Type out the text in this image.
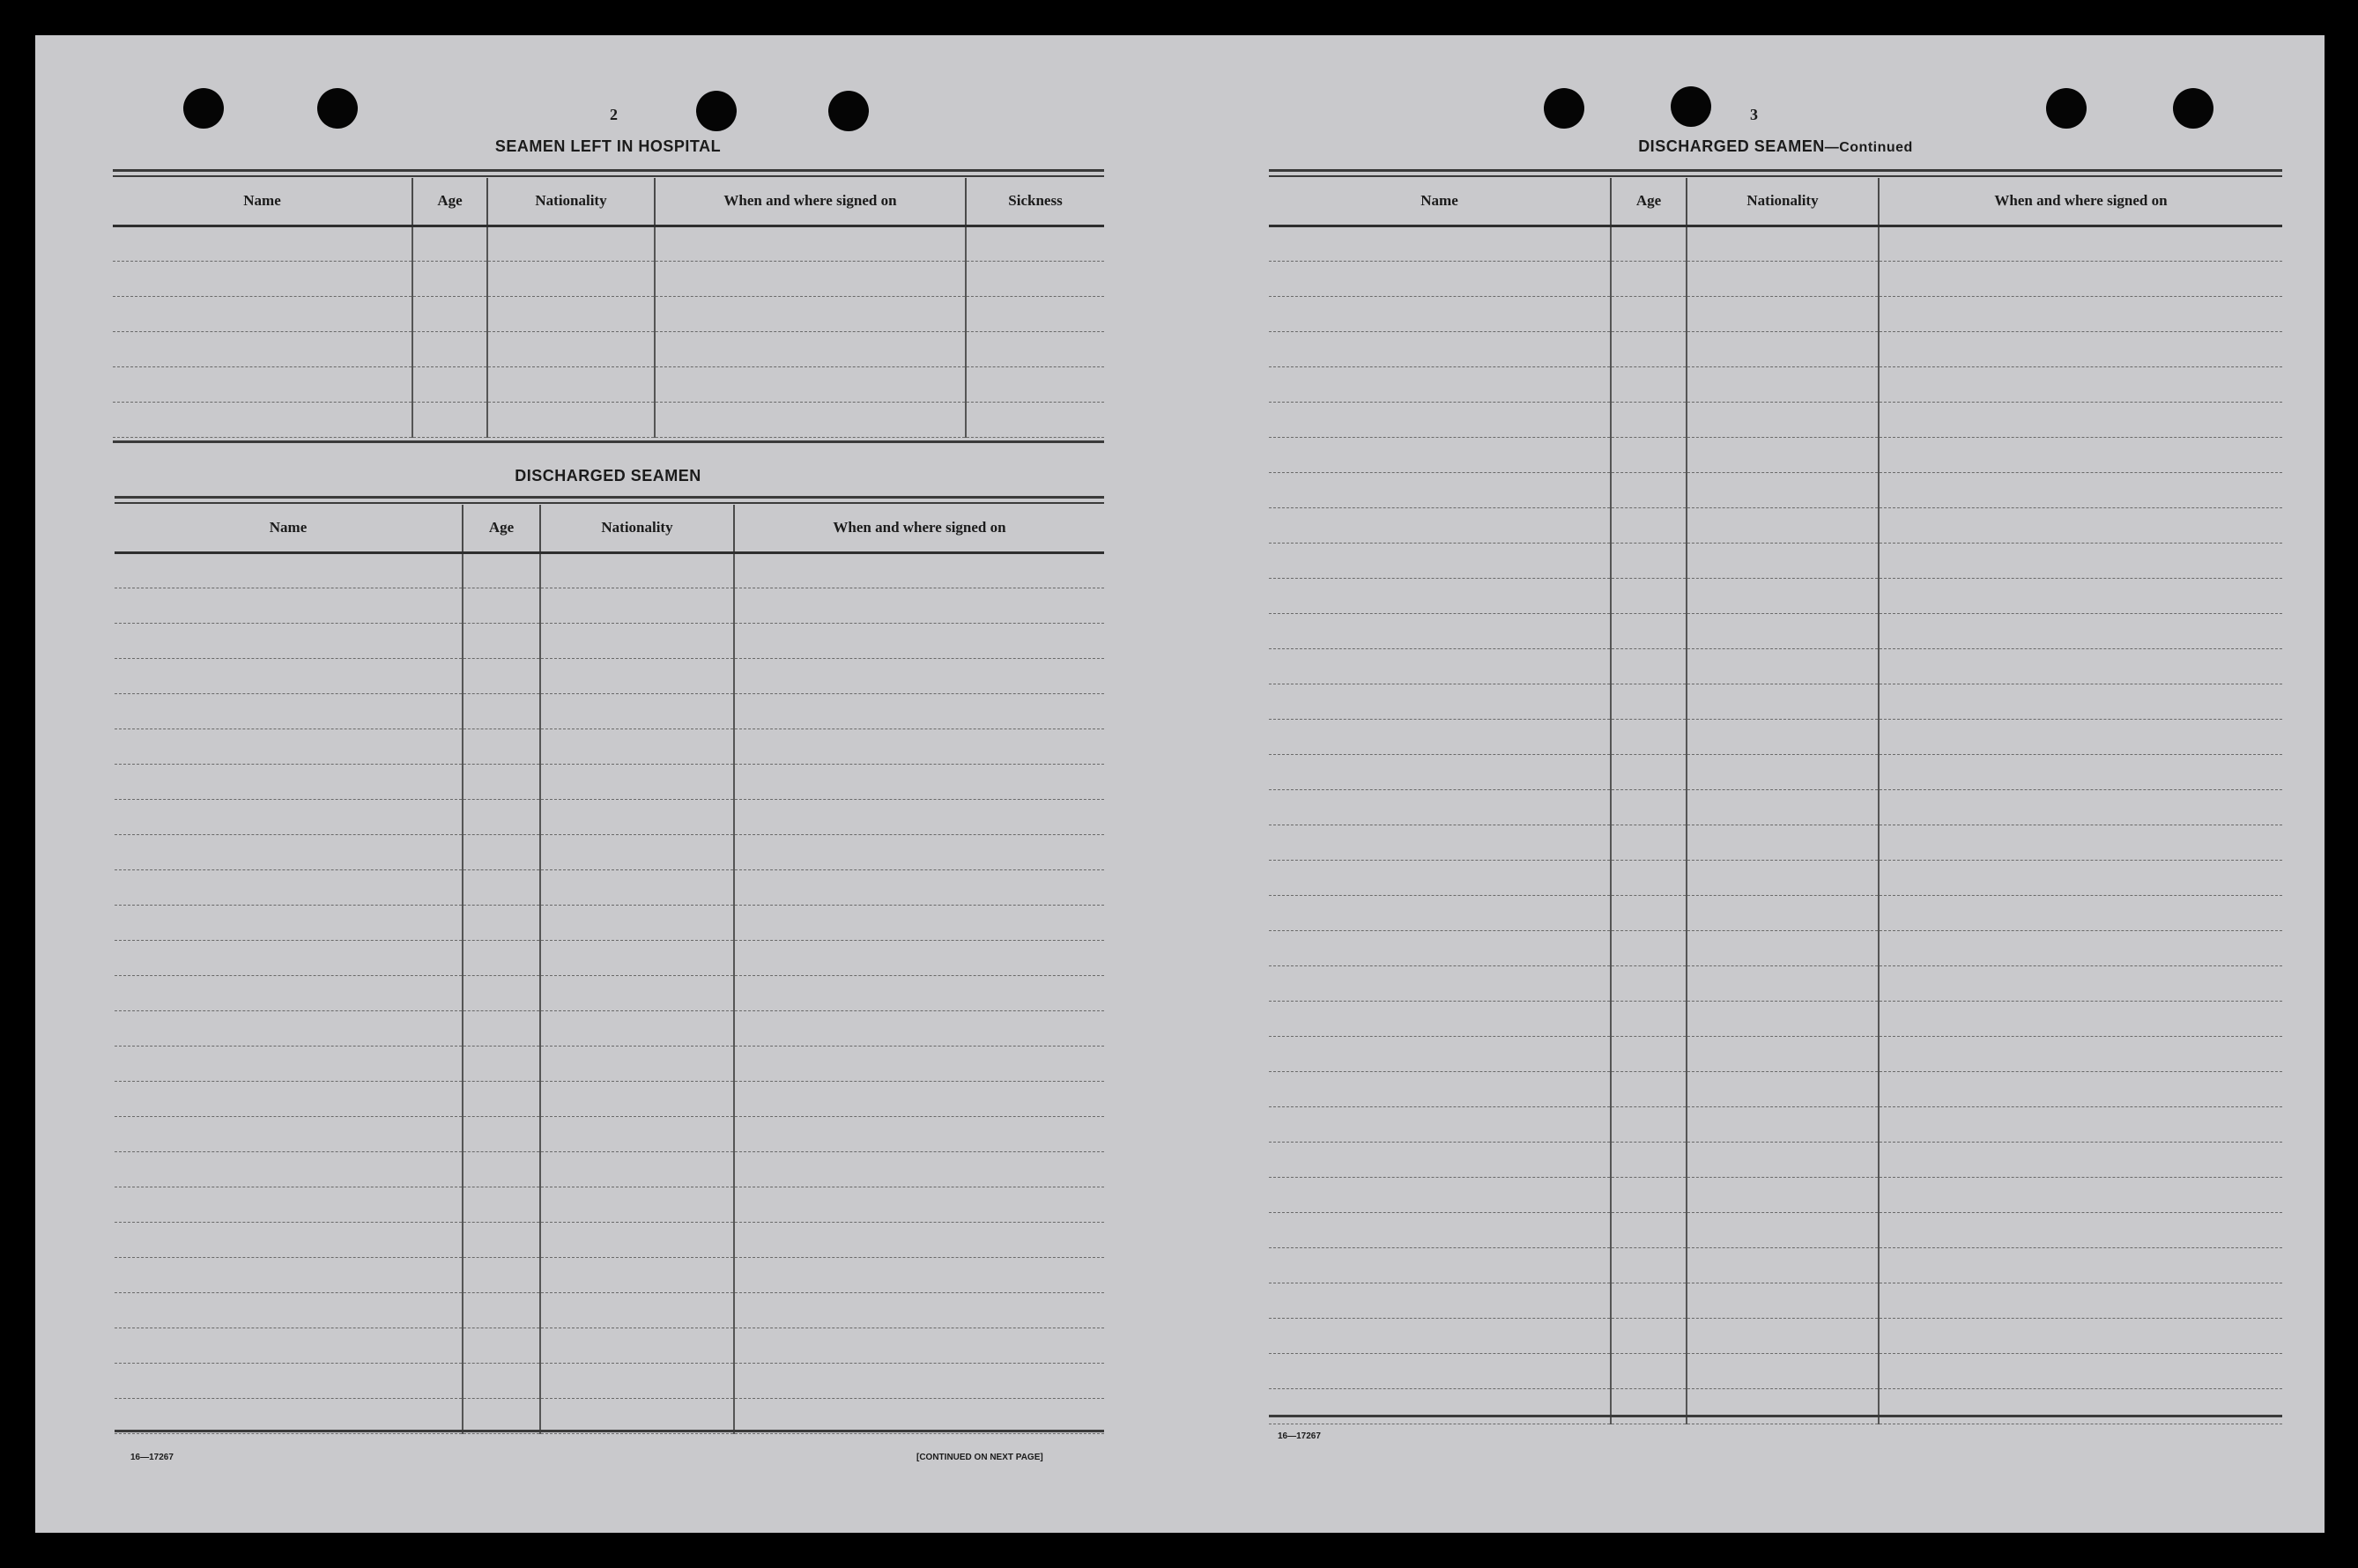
2
SEAMEN LEFT IN HOSPITAL
Name	Age	Nationality	When and where signed on	Sickness

DISCHARGED SEAMEN
Name	Age	Nationality	When and where signed on

16—17267	[CONTINUED ON NEXT PAGE]
3
DISCHARGED SEAMEN—Continued
Name	Age	Nationality	When and where signed on

16—17267
